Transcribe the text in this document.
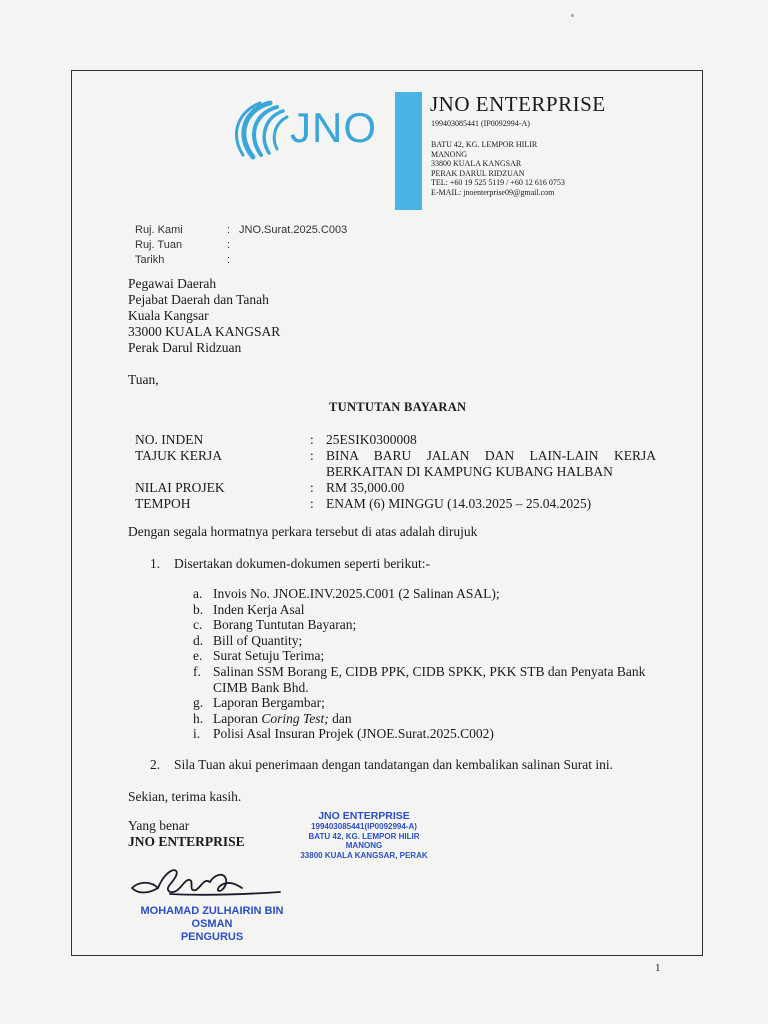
JNO	JNO ENTERPRISE
199403085441 (IP0092994-A)
BATU 42, KG. LEMPOR HILIR
MANONG
33800 KUALA KANGSAR
PERAK DARUL RIDZUAN
TEL: +60 19 525 5119 / +60 12 616 0753
E-MAIL: jnoenterprise09@gmail.com
Ruj. Kami	: JNO.Surat.2025.C003
Ruj. Tuan	:
Tarikh	:
Pegawai Daerah
Pejabat Daerah dan Tanah
Kuala Kangsar
33000 KUALA KANGSAR
Perak Darul Ridzuan
Tuan,
TUNTUTAN BAYARAN
NO. INDEN	: 25ESIK0300008
TAJUK KERJA	: BINA BARU JALAN DAN LAIN-LAIN KERJA
BERKAITAN DI KAMPUNG KUBANG HALBAN
NILAI PROJEK	: RM 35,000.00
TEMPOH	: ENAM (6) MINGGU (14.03.2025 – 25.04.2025)
Dengan segala hormatnya perkara tersebut di atas adalah dirujuk
1.	Disertakan dokumen-dokumen seperti berikut:-
a. Invois No. JNOE.INV.2025.C001 (2 Salinan ASAL);
b. Inden Kerja Asal
c. Borang Tuntutan Bayaran;
d. Bill of Quantity;
e. Surat Setuju Terima;
f. Salinan SSM Borang E, CIDB PPK, CIDB SPKK, PKK STB dan Penyata Bank
CIMB Bank Bhd.
g. Laporan Bergambar;
h. Laporan Coring Test; dan
i. Polisi Asal Insuran Projek (JNOE.Surat.2025.C002)
2.	Sila Tuan akui penerimaan dengan tandatangan dan kembalikan salinan Surat ini.
Sekian, terima kasih.
Yang benar
JNO ENTERPRISE
JNO ENTERPRISE
199403085441(IP0092994-A)
BATU 42, KG. LEMPOR HILIR
MANONG
33800 KUALA KANGSAR, PERAK
MOHAMAD ZULHAIRIN BIN OSMAN
PENGURUS
1
